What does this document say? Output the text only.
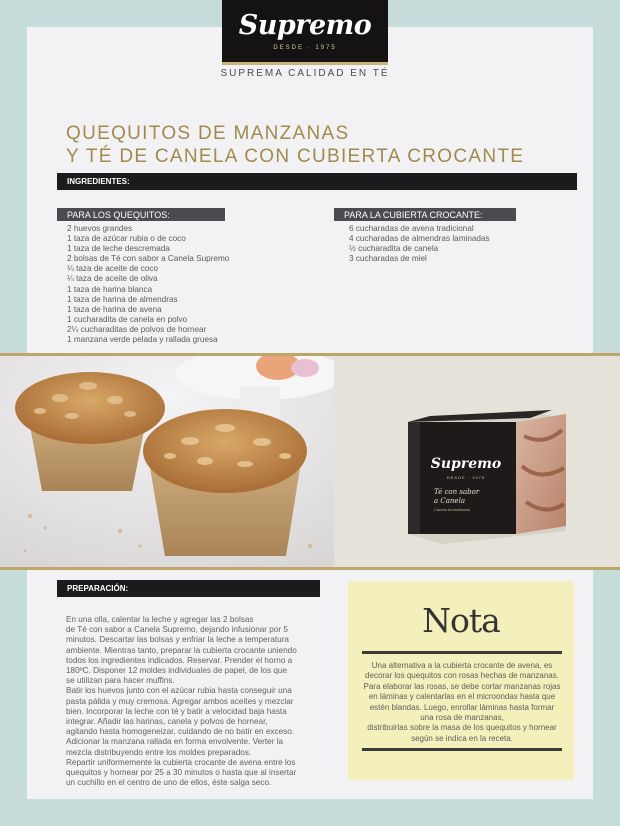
Supremo
DESDE · 1975
SUPREMA CALIDAD EN TÉ
QUEQUITOS DE MANZANAS
Y TÉ DE CANELA CON CUBIERTA CROCANTE
INGREDIENTES:
PARA LOS QUEQUITOS:
2 huevos grandes
1 taza de azúcar rubia o de coco
1 taza de leche descremada
2 bolsas de Té con sabor a Canela Supremo
¼ taza de aceite de coco
¼ taza de aceite de oliva
1 taza de harina blanca
1 taza de harina de almendras
1 taza de harina de avena
1 cucharadita de canela en polvo
2¼ cucharaditas de polvos de hornear
1 manzana verde pelada y rallada gruesa
PARA LA CUBIERTA CROCANTE:
6 cucharadas de avena tradicional
4 cucharadas de almendras laminadas
½ cucharadita de canela
3 cucharadas de miel
Supremo
DESDE · 1975
Té con sabor
a Canela
Canela Aromatizado
PREPARACIÓN:
En una olla, calentar la leche y agregar las 2 bolsas
de Té con sabor a Canela Supremo, dejando infusionar por 5
minutos. Descartar las bolsas y enfriar la leche a temperatura
ambiente. Mientras tanto, preparar la cubierta crocante uniendo
todos los ingredientes indicados. Reservar. Prender el horno a
180ºC. Disponer 12 moldes individuales de papel, de los que
se utilizan para hacer muffins.
Batir los huevos junto con el azúcar rubia hasta conseguir una
pasta pálida y muy cremosa. Agregar ambos aceites y mezclar
bien. Incorporar la leche con té y batir a velocidad baja hasta
integrar. Añadir las harinas, canela y polvos de hornear,
agitando hasta homogeneizar, cuidando de no batir en exceso.
Adicionar la manzana rallada en forma envolvente. Verter la
mezcla distribuyendo entre los moldes preparados.
Repartir uniformemente la cubierta crocante de avena entre los
quequitos y hornear por 25 a 30 minutos o hasta que al insertar
un cuchillo en el centro de uno de ellos, éste salga seco.
Nota
Una alternativa a la cubierta crocante de avena, es
decorar los quequitos con rosas hechas de manzanas.
Para elaborar las rosas, se debe cortar manzanas rojas
en láminas y calentarlas en el microondas hasta que
estén blandas. Luego, enrollar láminas hasta formar
una rosa de manzanas,
distribuirlas sobre la masa de los quequitos y hornear
según se indica en la receta.
